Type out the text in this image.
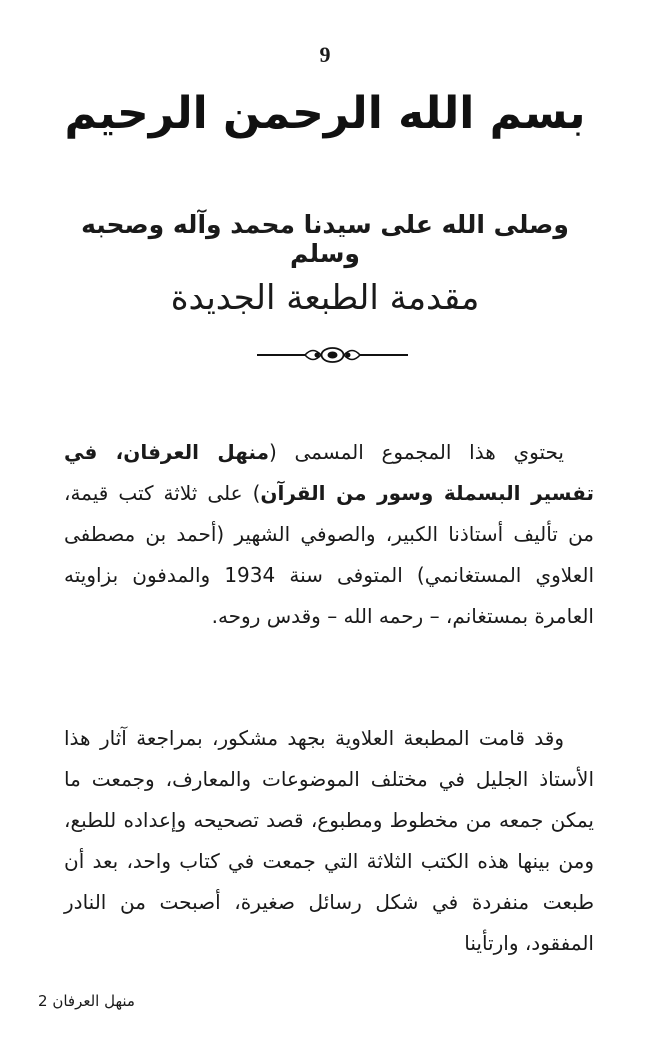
9
بسم الله الرحمن الرحيم
وصلى الله على سيدنا محمد وآله وصحبه وسلم
مقدمة الطبعة الجديدة
يحتوي هذا المجموع المسمى (منهل العرفان، في تفسير البسملة وسور من القرآن) على ثلاثة كتب قيمة، من تأليف أستاذنا الكبير، والصوفي الشهير (أحمد بن مصطفى العلاوي المستغانمي) المتوفى سنة 1934 والمدفون بزاويته العامرة بمستغانم، – رحمه الله – وقدس روحه.
وقد قامت المطبعة العلاوية بجهد مشكور، بمراجعة آثار هذا الأستاذ الجليل في مختلف الموضوعات والمعارف، وجمعت ما يمكن جمعه من مخطوط ومطبوع، قصد تصحيحه وإعداده للطبع، ومن بينها هذه الكتب الثلاثة التي جمعت في كتاب واحد، بعد أن طبعت منفردة في شكل رسائل صغيرة، أصبحت من النادر المفقود، وارتأينا
منهل العرفان 2
